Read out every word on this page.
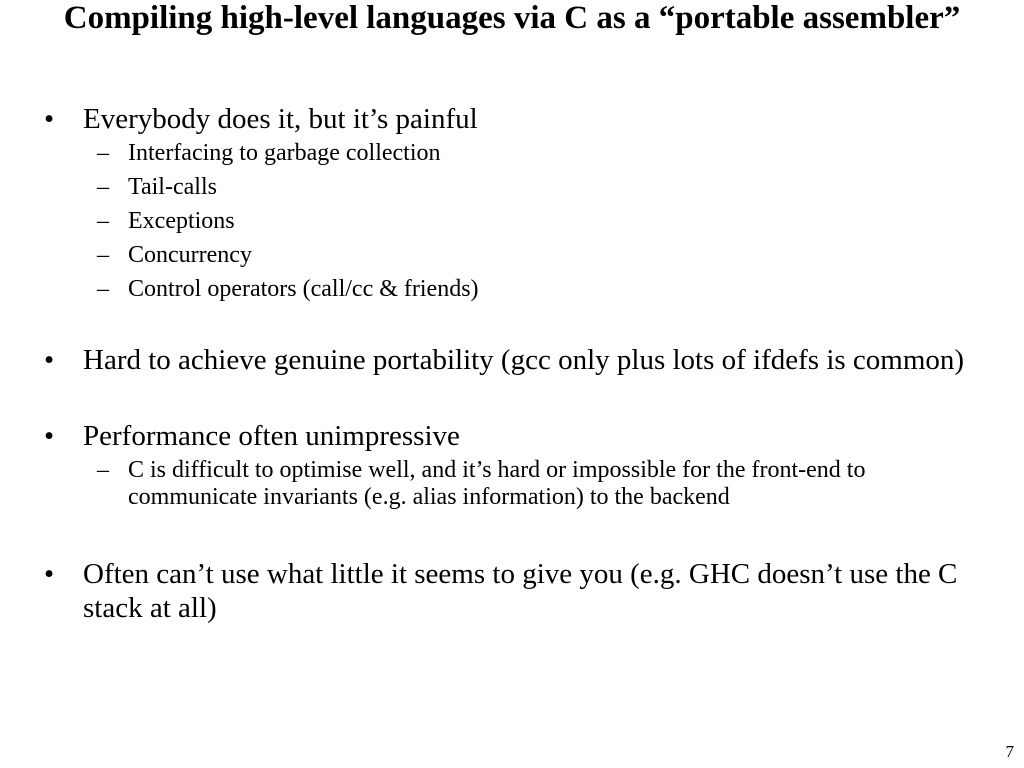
Compiling high-level languages via C as a “portable assembler”
• Everybody does it, but it’s painful
– Interfacing to garbage collection
– Tail-calls
– Exceptions
– Concurrency
– Control operators (call/cc & friends)
• Hard to achieve genuine portability (gcc only plus lots of ifdefs is common)
• Performance often unimpressive
– C is difficult to optimise well, and it’s hard or impossible for the front-end to communicate invariants (e.g. alias information) to the backend
• Often can’t use what little it seems to give you (e.g. GHC doesn’t use the C stack at all)
7
